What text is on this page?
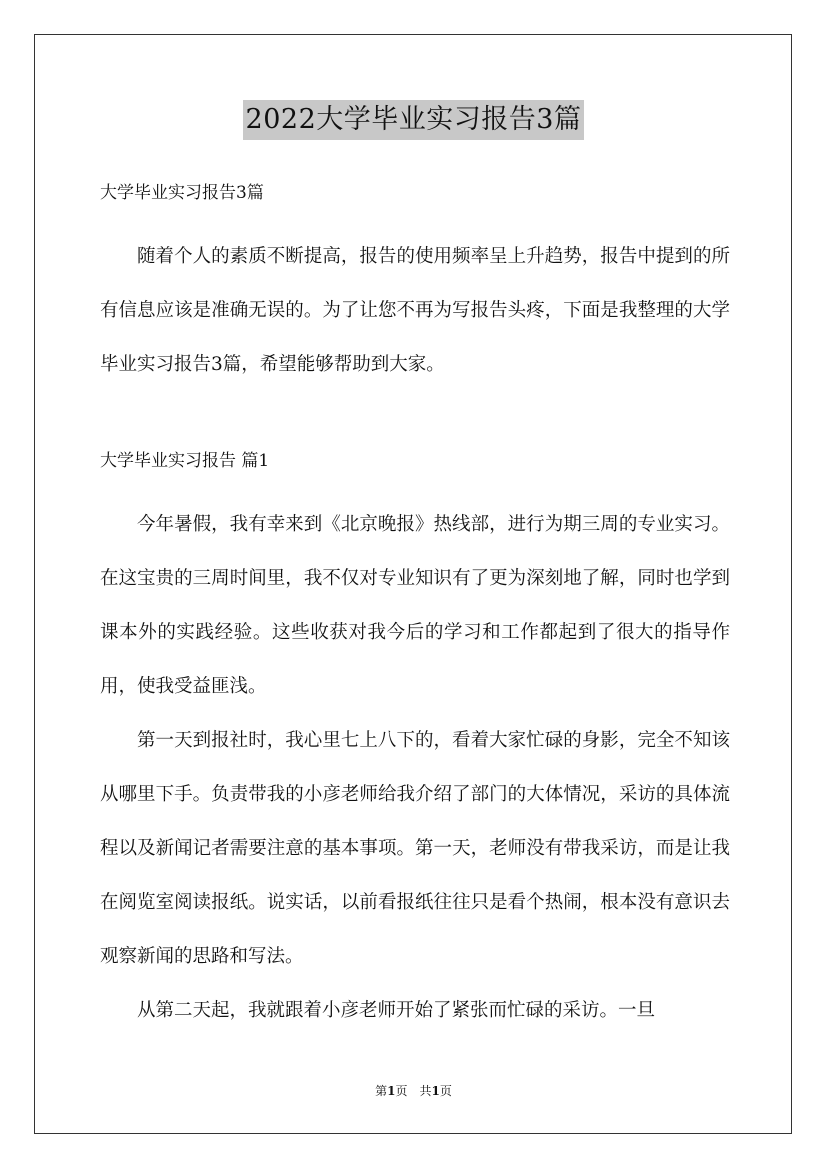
2022大学毕业实习报告3篇

大学毕业实习报告3篇

随着个人的素质不断提高，报告的使用频率呈上升趋势，报告中提到的所有信息应该是准确无误的。为了让您不再为写报告头疼，下面是我整理的大学毕业实习报告3篇，希望能够帮助到大家。

大学毕业实习报告 篇1

今年暑假，我有幸来到《北京晚报》热线部，进行为期三周的专业实习。在这宝贵的三周时间里，我不仅对专业知识有了更为深刻地了解，同时也学到课本外的实践经验。这些收获对我今后的学习和工作都起到了很大的指导作用，使我受益匪浅。

第一天到报社时，我心里七上八下的，看着大家忙碌的身影，完全不知该从哪里下手。负责带我的小彦老师给我介绍了部门的大体情况，采访的具体流程以及新闻记者需要注意的基本事项。第一天，老师没有带我采访，而是让我在阅览室阅读报纸。说实话，以前看报纸往往只是看个热闹，根本没有意识去观察新闻的思路和写法。

从第二天起，我就跟着小彦老师开始了紧张而忙碌的采访。一旦

第1页　共1页
